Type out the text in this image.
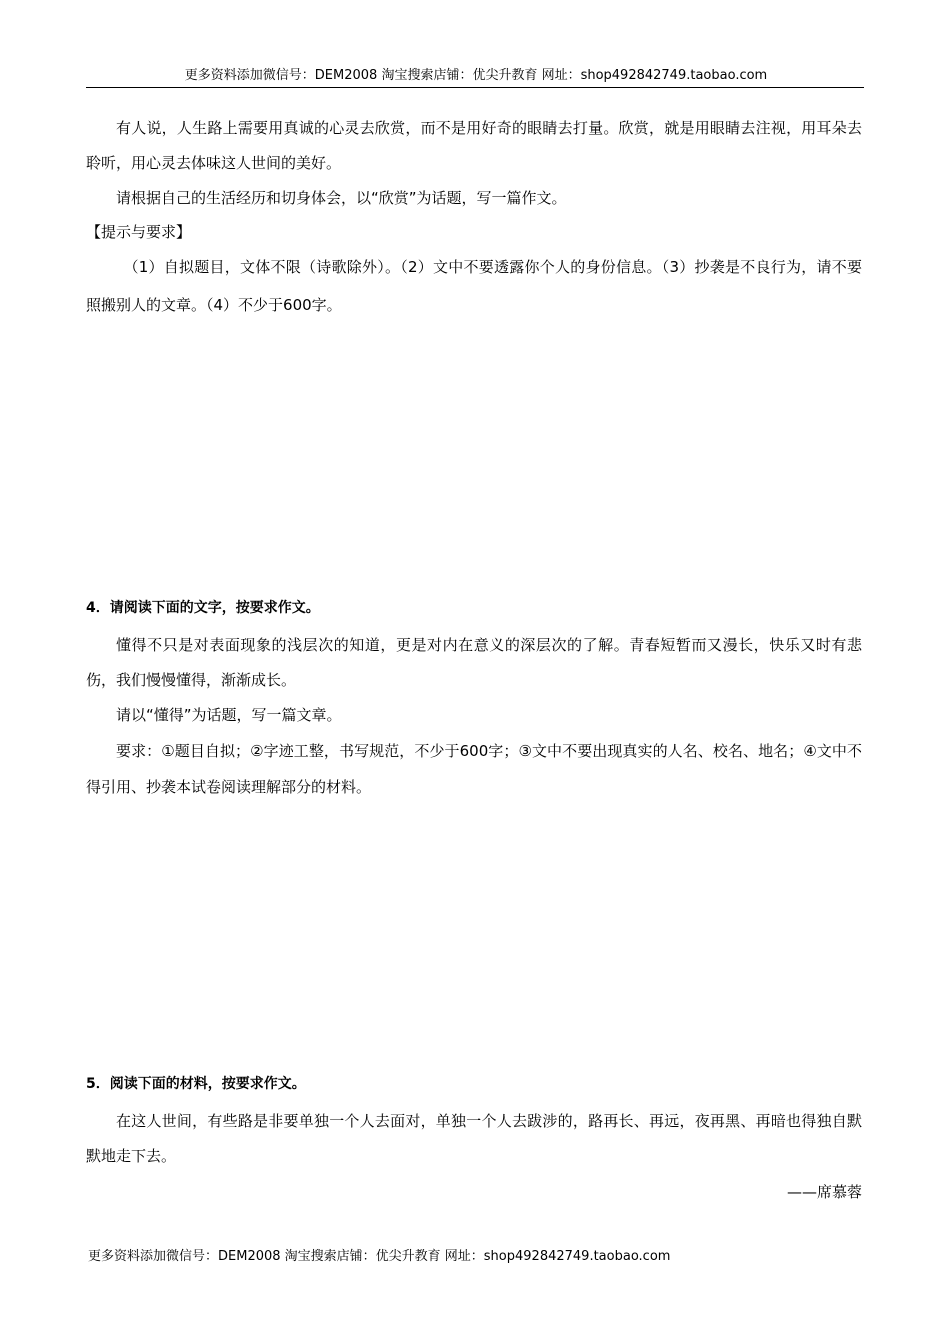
更多资料添加微信号：DEM2008 淘宝搜索店铺：优尖升教育 网址：shop492842749.taobao.com

有人说，人生路上需要用真诚的心灵去欣赏，而不是用好奇的眼睛去打量。欣赏，就是用眼睛去注视，用耳朵去聆听，用心灵去体味这人世间的美好。

请根据自己的生活经历和切身体会，以“欣赏”为话题，写一篇作文。

【提示与要求】

（1）自拟题目，文体不限（诗歌除外）。（2）文中不要透露你个人的身份信息。（3）抄袭是不良行为，请不要照搬别人的文章。（4）不少于600字。

4．请阅读下面的文字，按要求作文。

懂得不只是对表面现象的浅层次的知道，更是对内在意义的深层次的了解。青春短暂而又漫长，快乐又时有悲伤，我们慢慢懂得，渐渐成长。

请以“懂得”为话题，写一篇文章。

要求：①题目自拟；②字迹工整，书写规范，不少于600字；③文中不要出现真实的人名、校名、地名；④文中不得引用、抄袭本试卷阅读理解部分的材料。

5．阅读下面的材料，按要求作文。

在这人世间，有些路是非要单独一个人去面对，单独一个人去跋涉的，路再长、再远，夜再黑、再暗也得独自默默地走下去。

——席慕蓉

更多资料添加微信号：DEM2008 淘宝搜索店铺：优尖升教育 网址：shop492842749.taobao.com
